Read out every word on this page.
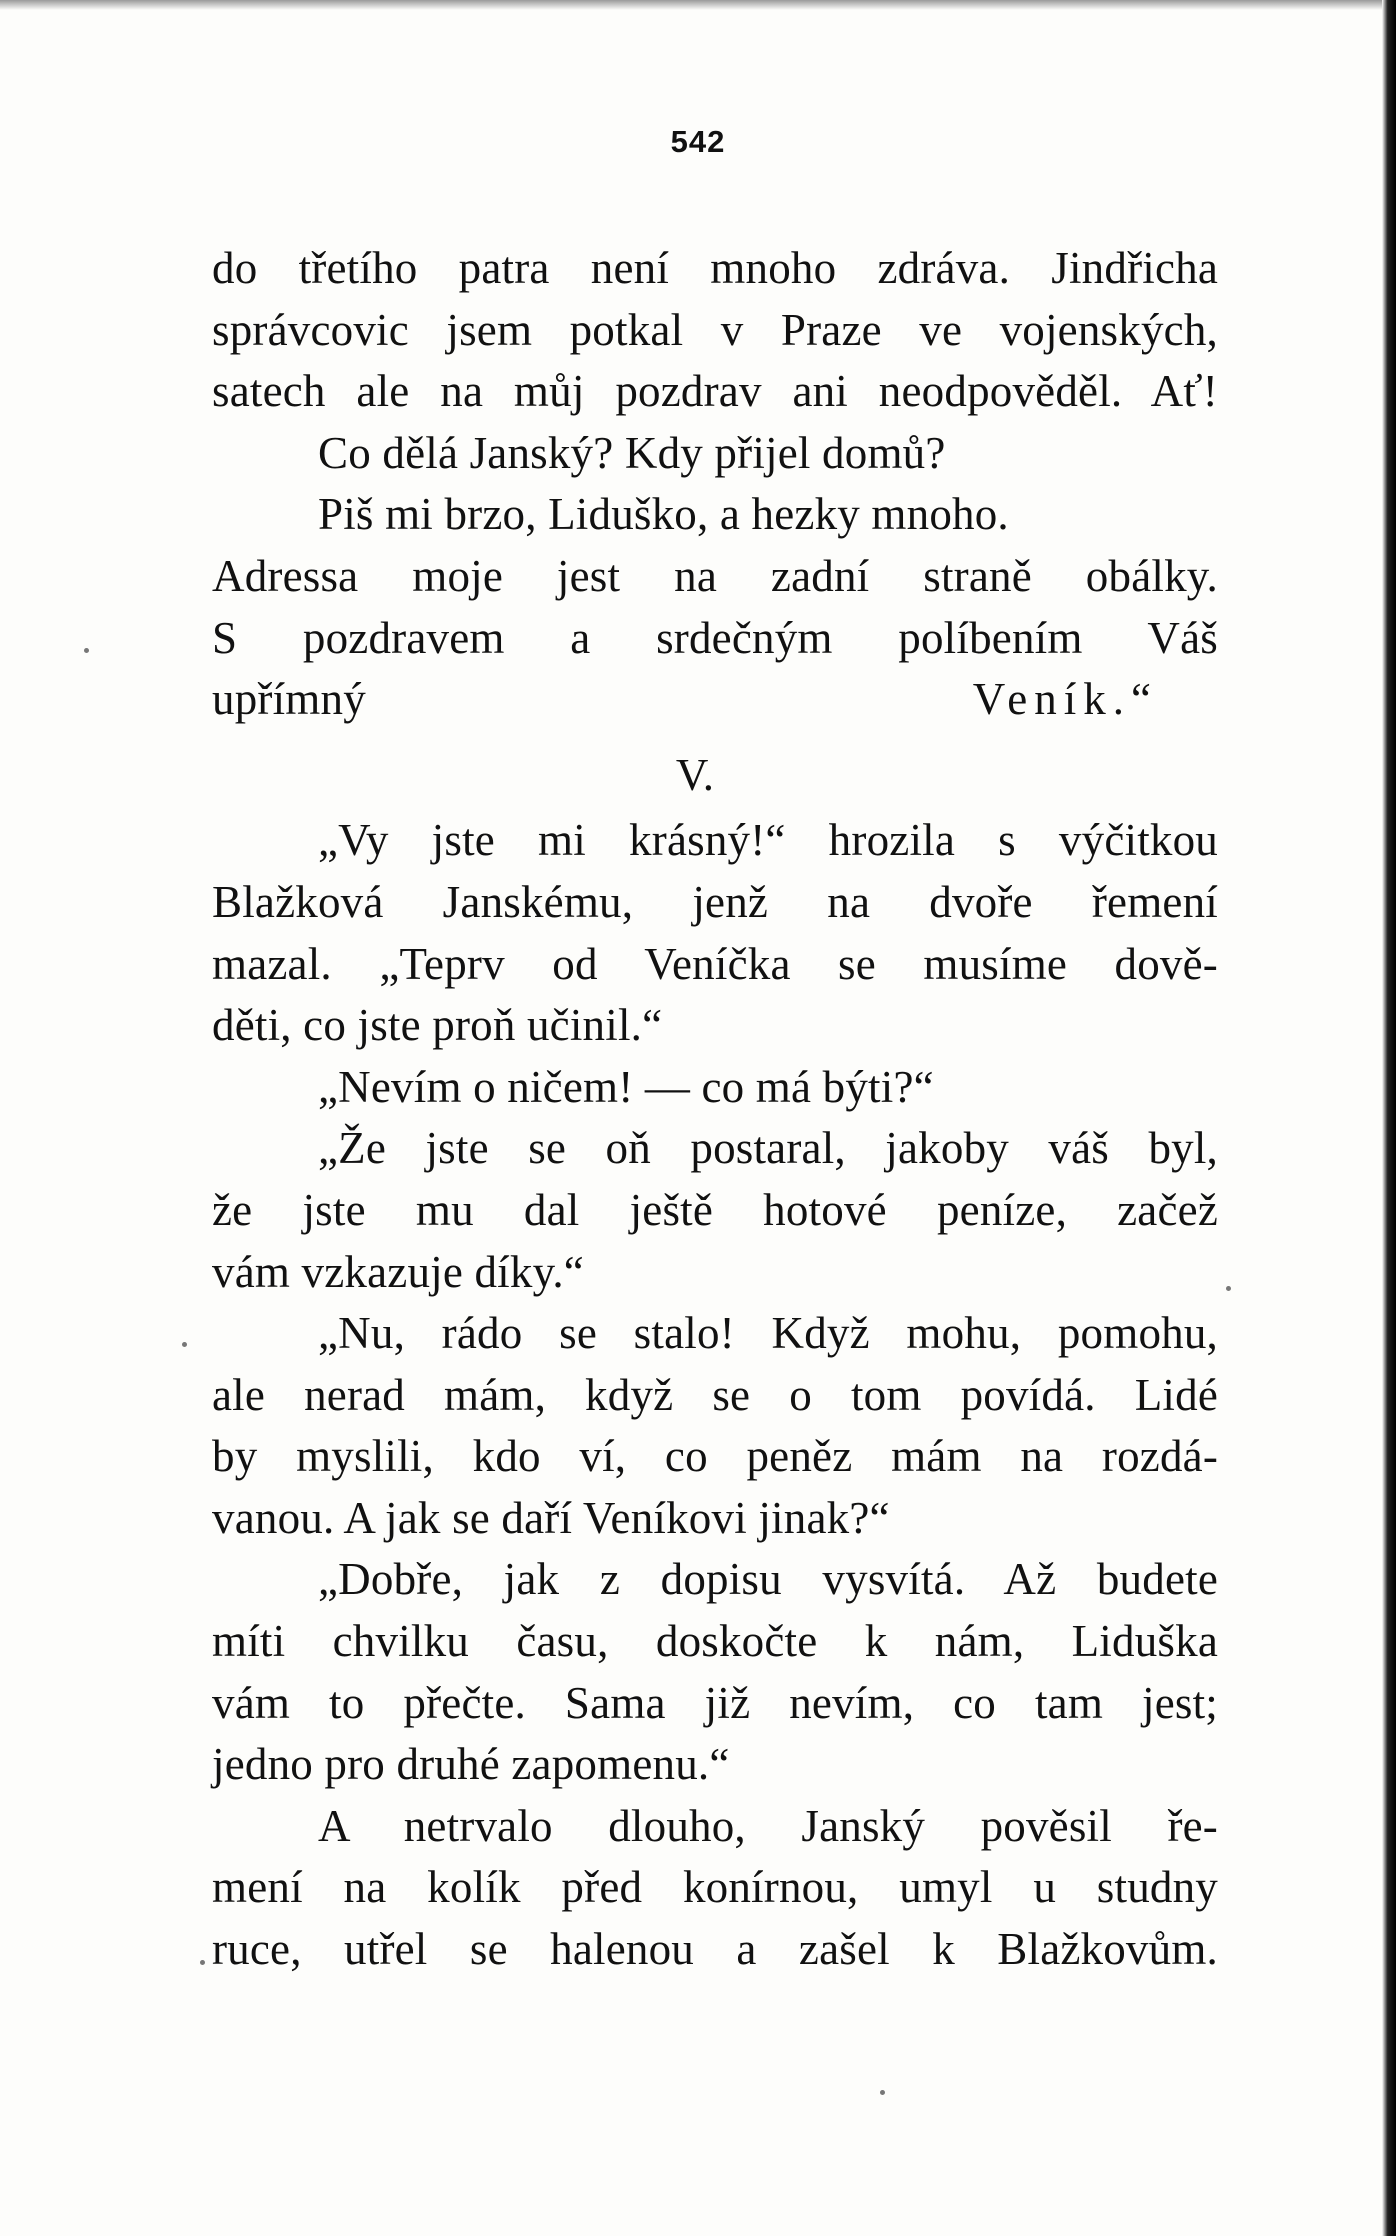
542
do třetího patra není mnoho zdráva. Jindřicha
správcovic jsem potkal v Praze ve vojenských,
satech ale na můj pozdrav ani neodpověděl. Ať!
Co dělá Janský? Kdy přijel domů?
Piš mi brzo, Liduško, a hezky mnoho.
Adressa moje jest na zadní straně obálky.
S pozdravem a srdečným políbením Váš
upřímný	Veník.“
V.
„Vy jste mi krásný!“ hrozila s výčitkou
Blažková Janskému, jenž na dvoře řemení
mazal. „Teprv od Veníčka se musíme dově-
děti, co jste proň učinil.“
„Nevím o ničem! — co má býti?“
„Že jste se oň postaral, jakoby váš byl,
že jste mu dal ještě hotové peníze, začež
vám vzkazuje díky.“
„Nu, rádo se stalo! Když mohu, pomohu,
ale nerad mám, když se o tom povídá. Lidé
by myslili, kdo ví, co peněz mám na rozdá-
vanou. A jak se daří Veníkovi jinak?“
„Dobře, jak z dopisu vysvítá. Až budete
míti chvilku času, doskočte k nám, Liduška
vám to přečte. Sama již nevím, co tam jest;
jedno pro druhé zapomenu.“
A netrvalo dlouho, Janský pověsil ře-
mení na kolík před konírnou, umyl u studny
ruce, utřel se halenou a zašel k Blažkovům.
